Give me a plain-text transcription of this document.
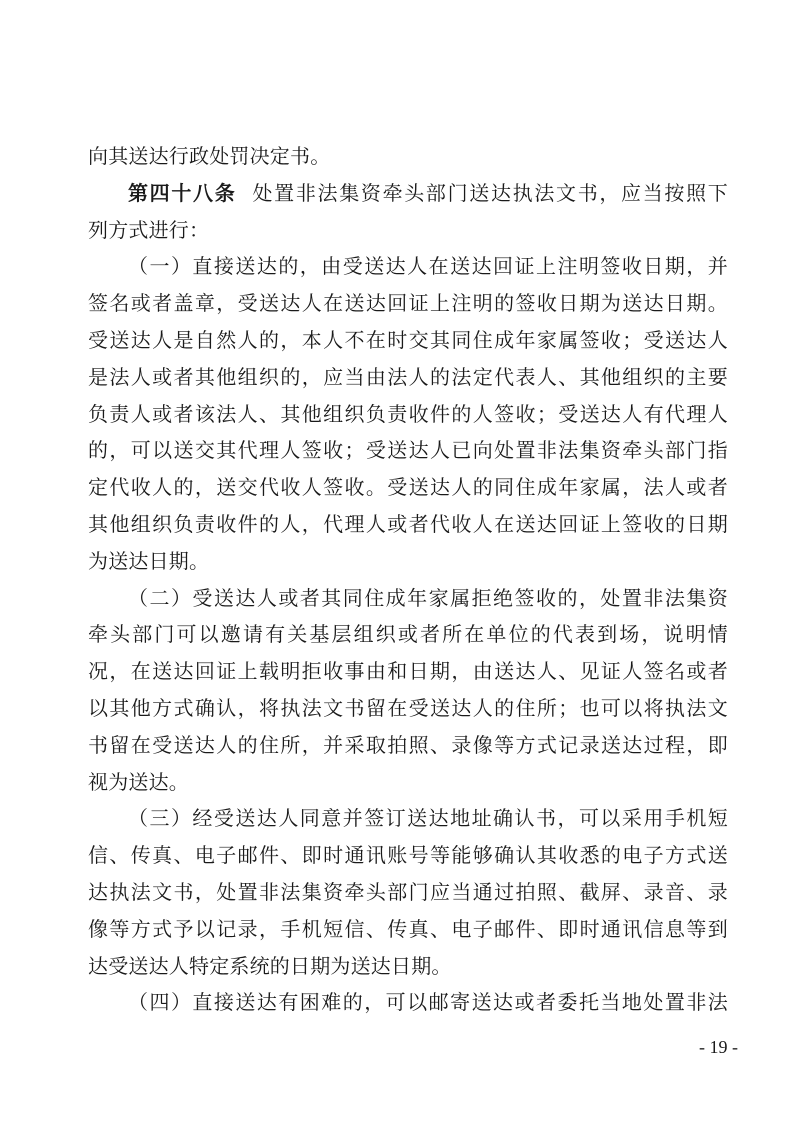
向其送达行政处罚决定书。
第四十八条 处置非法集资牵头部门送达执法文书，应当按照下
列方式进行：
（一）直接送达的，由受送达人在送达回证上注明签收日期，并
签名或者盖章，受送达人在送达回证上注明的签收日期为送达日期。
受送达人是自然人的，本人不在时交其同住成年家属签收；受送达人
是法人或者其他组织的，应当由法人的法定代表人、其他组织的主要
负责人或者该法人、其他组织负责收件的人签收；受送达人有代理人
的，可以送交其代理人签收；受送达人已向处置非法集资牵头部门指
定代收人的，送交代收人签收。受送达人的同住成年家属，法人或者
其他组织负责收件的人，代理人或者代收人在送达回证上签收的日期
为送达日期。
（二）受送达人或者其同住成年家属拒绝签收的，处置非法集资
牵头部门可以邀请有关基层组织或者所在单位的代表到场，说明情
况，在送达回证上载明拒收事由和日期，由送达人、见证人签名或者
以其他方式确认，将执法文书留在受送达人的住所；也可以将执法文
书留在受送达人的住所，并采取拍照、录像等方式记录送达过程，即
视为送达。
（三）经受送达人同意并签订送达地址确认书，可以采用手机短
信、传真、电子邮件、即时通讯账号等能够确认其收悉的电子方式送
达执法文书，处置非法集资牵头部门应当通过拍照、截屏、录音、录
像等方式予以记录，手机短信、传真、电子邮件、即时通讯信息等到
达受送达人特定系统的日期为送达日期。
（四）直接送达有困难的，可以邮寄送达或者委托当地处置非法
- 19 -
